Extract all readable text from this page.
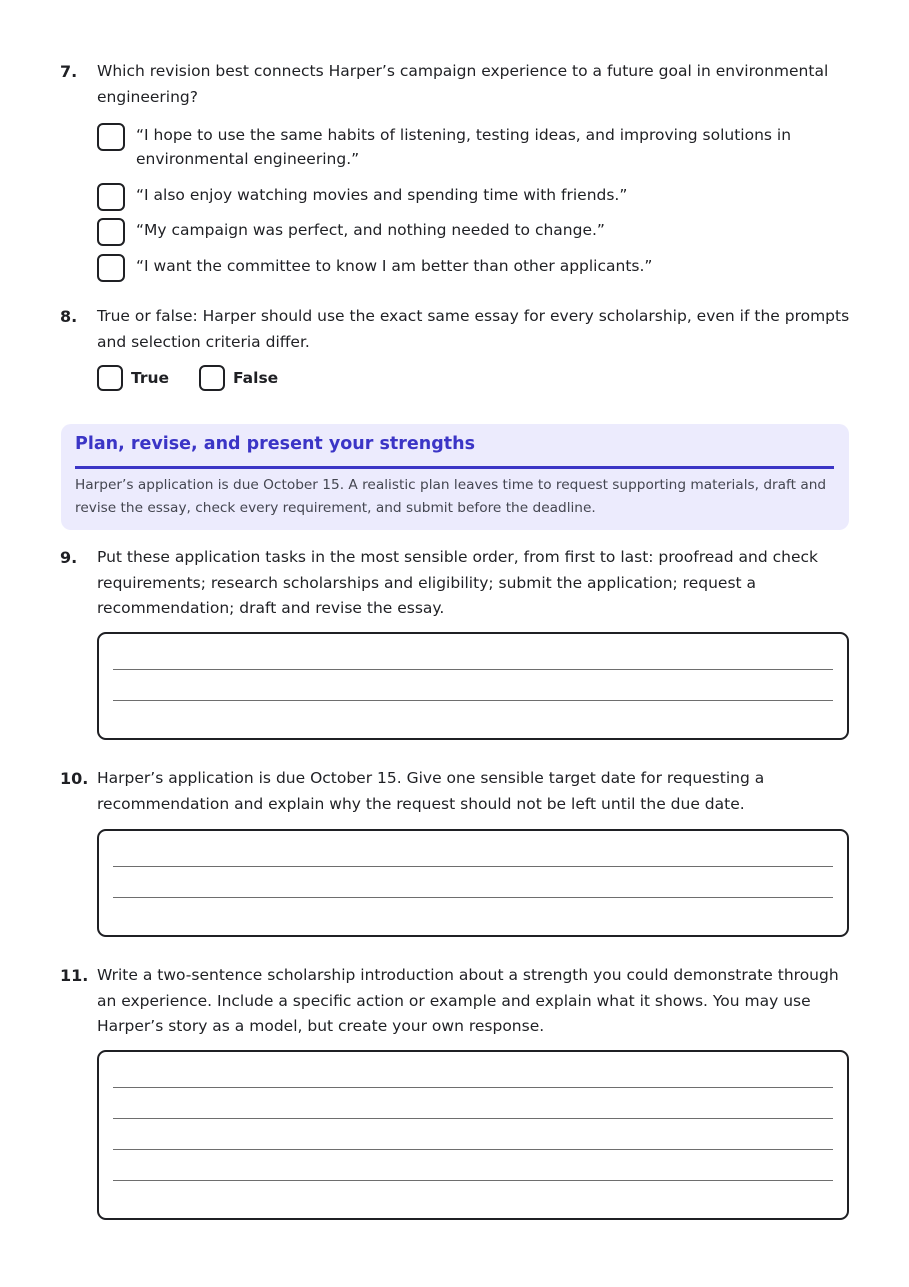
7. Which revision best connects Harper’s campaign experience to a future goal in environmental engineering?
“I hope to use the same habits of listening, testing ideas, and improving solutions in environmental engineering.”
“I also enjoy watching movies and spending time with friends.”
“My campaign was perfect, and nothing needed to change.”
“I want the committee to know I am better than other applicants.”
8. True or false: Harper should use the exact same essay for every scholarship, even if the prompts and selection criteria differ.
True	False
Plan, revise, and present your strengths
Harper’s application is due October 15. A realistic plan leaves time to request supporting materials, draft and revise the essay, check every requirement, and submit before the deadline.
9. Put these application tasks in the most sensible order, from first to last: proofread and check requirements; research scholarships and eligibility; submit the application; request a recommendation; draft and revise the essay.
10. Harper’s application is due October 15. Give one sensible target date for requesting a recommendation and explain why the request should not be left until the due date.
11. Write a two-sentence scholarship introduction about a strength you could demonstrate through an experience. Include a specific action or example and explain what it shows. You may use Harper’s story as a model, but create your own response.
